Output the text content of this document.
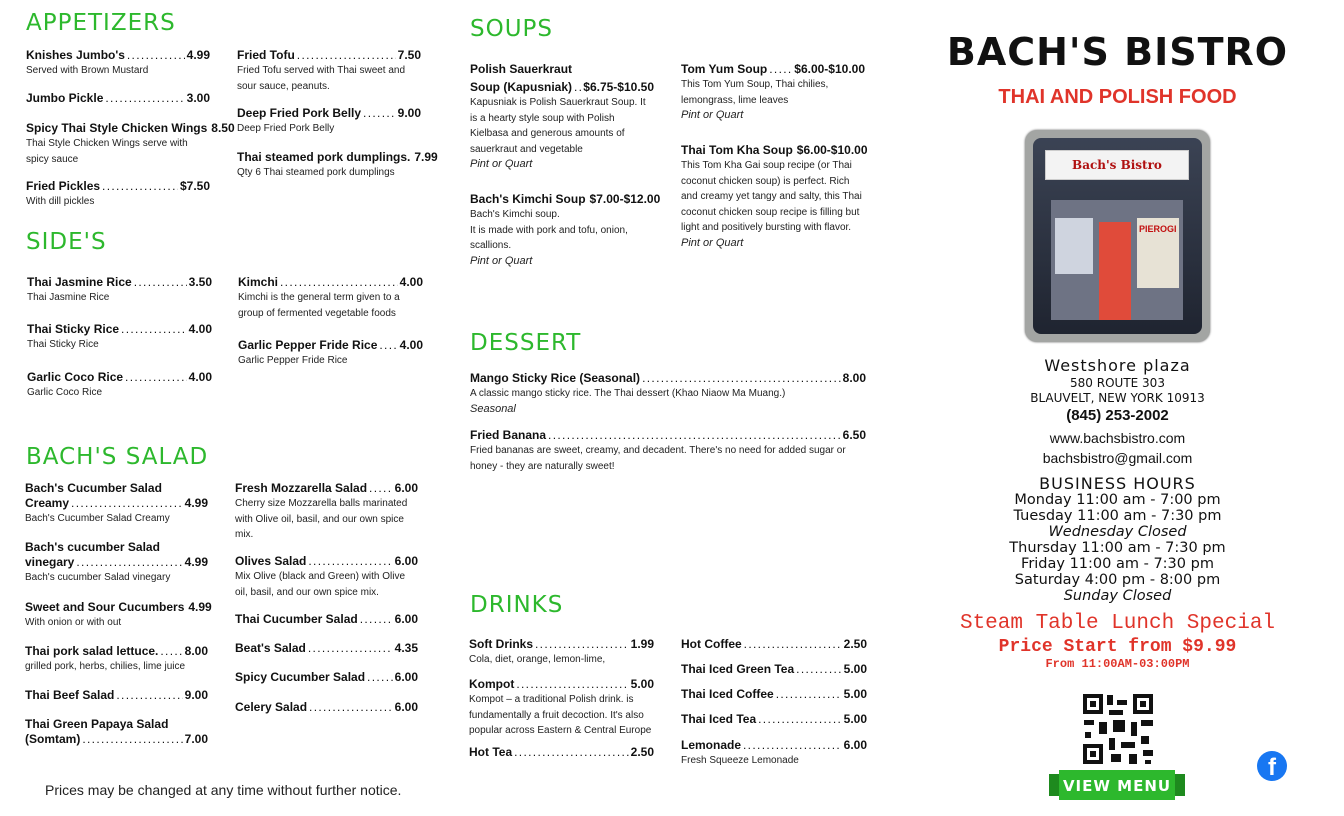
APPETIZERS
SIDE'S
BACH'S SALAD
SOUPS
DESSERT
DRINKS
Knishes Jumbo's . . .	4.99
Served with Brown Mustard
Jumbo Pickle . . .	3.00
Spicy Thai Style Chicken Wings 8.50
Thai Style Chicken Wings serve with spicy sauce
Fried Pickles . . .	$7.50
With dill pickles
Fried Tofu . . .	7.50
Fried Tofu served with Thai sweet and sour sauce, peanuts.
Deep Fried Pork Belly . . .	9.00
Deep Fried Pork Belly
Thai steamed pork dumplings. 7.99
Qty 6 Thai steamed pork dumplings
Thai Jasmine Rice . . .	3.50
Thai Jasmine Rice
Thai Sticky Rice . . .	4.00
Thai Sticky Rice
Garlic Coco Rice . . .	4.00
Garlic Coco Rice
Kimchi . . .	4.00
Kimchi is the general term given to a group of fermented vegetable foods
Garlic Pepper Fride Rice . . . 4.00
Garlic Pepper Fride Rice
Bach's Cucumber Salad
Creamy . . .	4.99
Bach's Cucumber Salad Creamy
Bach's cucumber Salad
vinegary . . .	4.99
Bach's cucumber Salad vinegary
Sweet and Sour Cucumbers 4.99
With onion or with out
Thai pork salad lettuce. . . . 8.00
grilled pork, herbs, chilies, lime juice
Thai Beef Salad . . .	9.00
Thai Green Papaya Salad
(Somtam) . . .	7.00
Fresh Mozzarella Salad . . . 6.00
Cherry size Mozzarella balls marinated with Olive oil, basil, and our own spice mix.
Olives Salad . . .	6.00
Mix Olive (black and Green) with Olive oil, basil, and our own spice mix.
Thai Cucumber Salad . . .	6.00
Beat's Salad . . .	4.35
Spicy Cucumber Salad . . . 6.00
Celery Salad . . .	6.00
Polish Sauerkraut
Soup (Kapusniak) . . . $6.75-$10.50
Kapusniak is Polish Sauerkraut Soup. It is a hearty style soup with Polish Kielbasa and generous amounts of sauerkraut and vegetable
Pint or Quart
Bach's Kimchi Soup $7.00-$12.00
Bach's Kimchi soup.
It is made with pork and tofu, onion, scallions.
Pint or Quart
Tom Yum Soup . . . $6.00-$10.00
This Tom Yum Soup, Thai chilies, lemongrass, lime leaves
Pint or Quart
Thai Tom Kha Soup $6.00-$10.00
This Tom Kha Gai soup recipe (or Thai coconut chicken soup) is perfect. Rich and creamy yet tangy and salty, this Thai coconut chicken soup recipe is filling but light and positively bursting with flavor.
Pint or Quart
Mango Sticky Rice (Seasonal) . . .	8.00
A classic mango sticky rice. The Thai dessert (Khao Niaow Ma Muang.)
Seasonal
Fried Banana . . .	6.50
Fried bananas are sweet, creamy, and decadent. There's no need for added sugar or honey - they are naturally sweet!
Soft Drinks . . .	1.99
Cola, diet, orange, lemon-lime,
Kompot . . .	5.00
Kompot – a traditional Polish drink. is fundamentally a fruit decoction. It's also popular across Eastern & Central Europe
Hot Tea . . .	2.50
Hot Coffee . . .	2.50
Thai Iced Green Tea . . .	5.00
Thai Iced Coffee . . .	5.00
Thai Iced Tea . . .	5.00
Lemonade . . .	6.00
Fresh Squeeze Lemonade
Prices may be changed at any time without further notice.
BACH'S BISTRO
THAI AND POLISH FOOD
Bach's Bistro
PIEROGI
Westshore plaza
580 ROUTE 303
BLAUVELT, NEW YORK 10913
(845) 253-2002
www.bachsbistro.com
bachsbistro@gmail.com
BUSINESS HOURS
Monday 11:00 am - 7:00 pm
Tuesday 11:00 am - 7:30 pm
Wednesday Closed
Thursday 11:00 am - 7:30 pm
Friday 11:00 am - 7:30 pm
Saturday 4:00 pm - 8:00 pm
Sunday Closed
Steam Table Lunch Special
Price Start from $9.99
From 11:00AM-03:00PM
VIEW MENU
f
